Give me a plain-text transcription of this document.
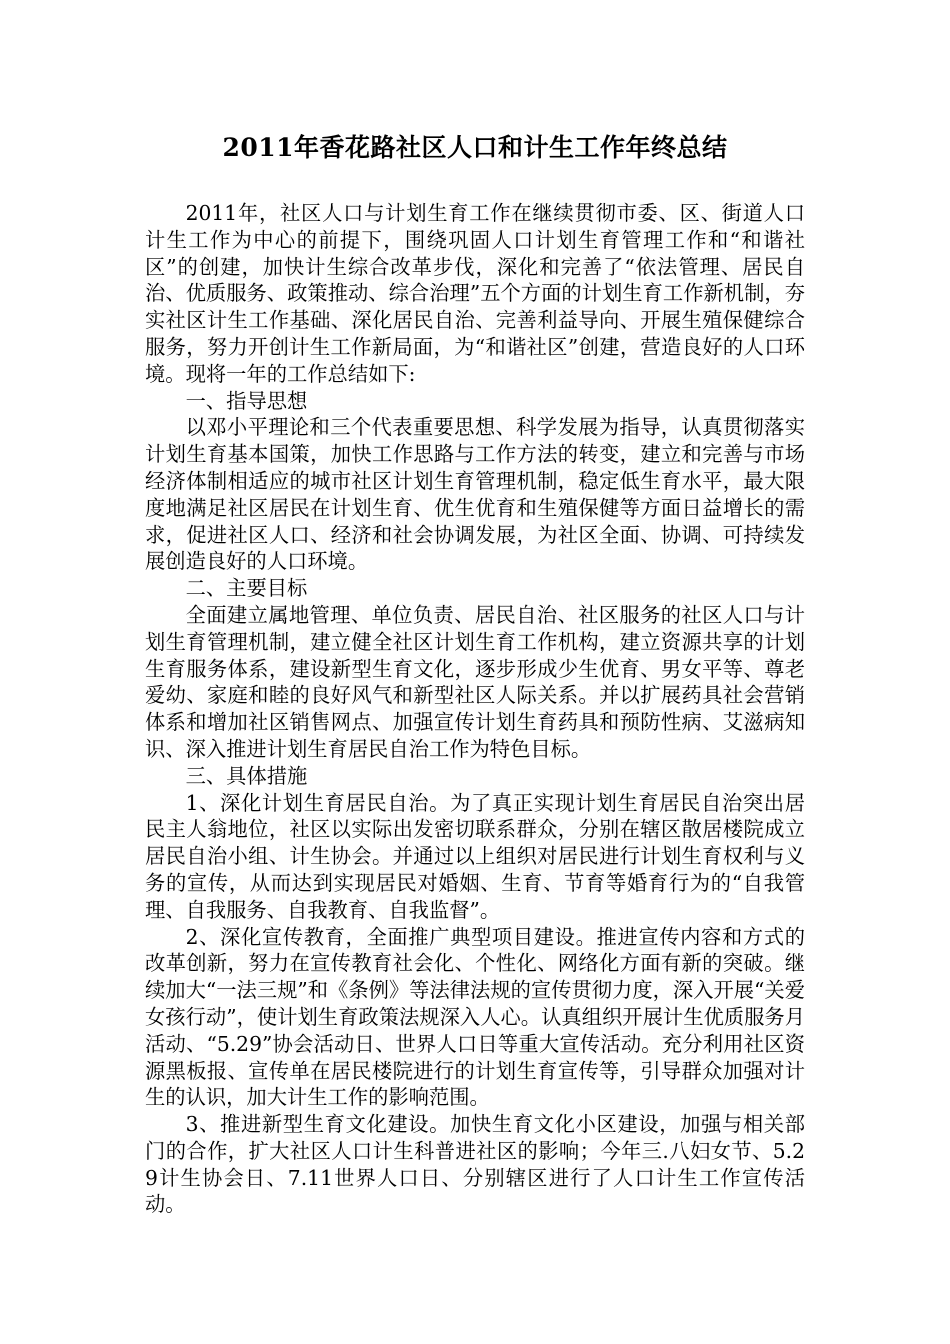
2011年香花路社区人口和计生工作年终总结

2011年，社区人口与计划生育工作在继续贯彻市委、区、街道人口计生工作为中心的前提下，围绕巩固人口计划生育管理工作和“和谐社区”的创建，加快计生综合改革步伐，深化和完善了“依法管理、居民自治、优质服务、政策推动、综合治理”五个方面的计划生育工作新机制，夯实社区计生工作基础、深化居民自治、完善利益导向、开展生殖保健综合服务，努力开创计生工作新局面，为“和谐社区”创建，营造良好的人口环境。现将一年的工作总结如下:

一、指导思想

以邓小平理论和三个代表重要思想、科学发展为指导，认真贯彻落实计划生育基本国策，加快工作思路与工作方法的转变，建立和完善与市场经济体制相适应的城市社区计划生育管理机制，稳定低生育水平，最大限度地满足社区居民在计划生育、优生优育和生殖保健等方面日益增长的需求，促进社区人口、经济和社会协调发展，为社区全面、协调、可持续发展创造良好的人口环境。

二、主要目标

全面建立属地管理、单位负责、居民自治、社区服务的社区人口与计划生育管理机制，建立健全社区计划生育工作机构，建立资源共享的计划生育服务体系，建设新型生育文化，逐步形成少生优育、男女平等、尊老爱幼、家庭和睦的良好风气和新型社区人际关系。并以扩展药具社会营销体系和增加社区销售网点、加强宣传计划生育药具和预防性病、艾滋病知识、深入推进计划生育居民自治工作为特色目标。

三、具体措施

1、深化计划生育居民自治。为了真正实现计划生育居民自治突出居民主人翁地位，社区以实际出发密切联系群众，分别在辖区散居楼院成立居民自治小组、计生协会。并通过以上组织对居民进行计划生育权利与义务的宣传，从而达到实现居民对婚姻、生育、节育等婚育行为的“自我管理、自我服务、自我教育、自我监督”。

2、深化宣传教育，全面推广典型项目建设。推进宣传内容和方式的改革创新，努力在宣传教育社会化、个性化、网络化方面有新的突破。继续加大“一法三规”和《条例》等法律法规的宣传贯彻力度，深入开展“关爱女孩行动”，使计划生育政策法规深入人心。认真组织开展计生优质服务月活动、“5.29”协会活动日、世界人口日等重大宣传活动。充分利用社区资源黑板报、宣传单在居民楼院进行的计划生育宣传等，引导群众加强对计生的认识，加大计生工作的影响范围。

3、推进新型生育文化建设。加快生育文化小区建设，加强与相关部门的合作，扩大社区人口计生科普进社区的影响；今年三.八妇女节、5.29计生协会日、7.11世界人口日、分别辖区进行了人口计生工作宣传活动。
